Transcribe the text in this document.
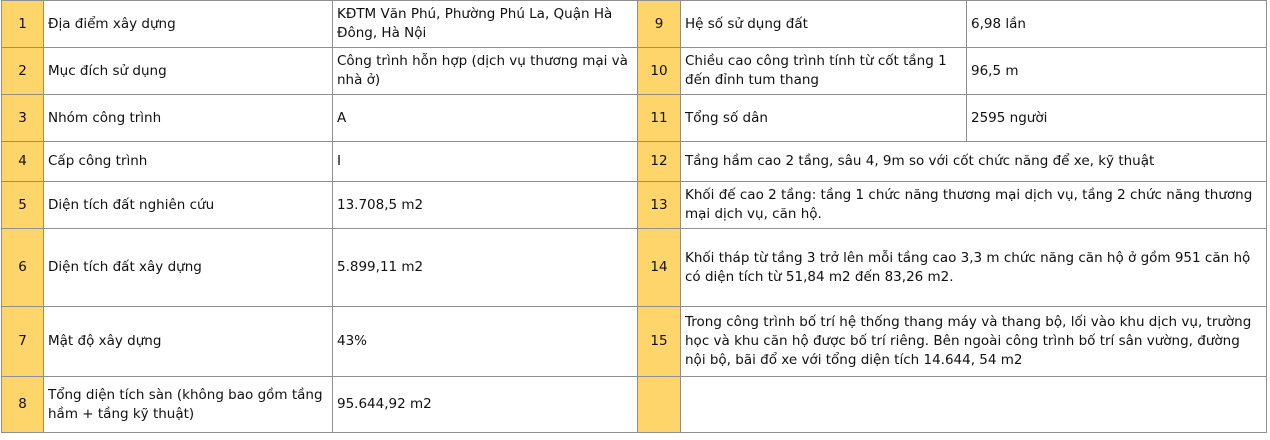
1	Địa điểm xây dựng	KĐTM Văn Phú, Phường Phú La, Quận Hà Đông, Hà Nội	9	Hệ số sử dụng đất	6,98 lần
2	Mục đích sử dụng	Công trình hỗn hợp (dịch vụ thương mại và nhà ở)	10	Chiều cao công trình tính từ cốt tầng 1 đến đỉnh tum thang	96,5 m
3	Nhóm công trình	A	11	Tổng số dân	2595 người
4	Cấp công trình	I	12	Tầng hầm cao 2 tầng, sâu 4, 9m so với cốt chức năng để xe, kỹ thuật	
5	Diện tích đất nghiên cứu	13.708,5 m2	13	Khối đế cao 2 tầng: tầng 1 chức năng thương mại dịch vụ, tầng 2 chức năng thương mại dịch vụ, căn hộ.	
6	Diện tích đất xây dựng	5.899,11 m2	14	Khối tháp từ tầng 3 trở lên mỗi tầng cao 3,3 m chức năng căn hộ ở gồm 951 căn hộ có diện tích từ 51,84 m2 đến 83,26 m2.	
7	Mật độ xây dựng	43%	15	Trong công trình bố trí hệ thống thang máy và thang bộ, lối vào khu dịch vụ, trường học và khu căn hộ được bố trí riêng. Bên ngoài công trình bố trí sân vường, đường nội bộ, bãi đổ xe với tổng diện tích 14.644, 54 m2	
8	Tổng diện tích sàn (không bao gồm tầng hầm + tầng kỹ thuật)	95.644,92 m2			
